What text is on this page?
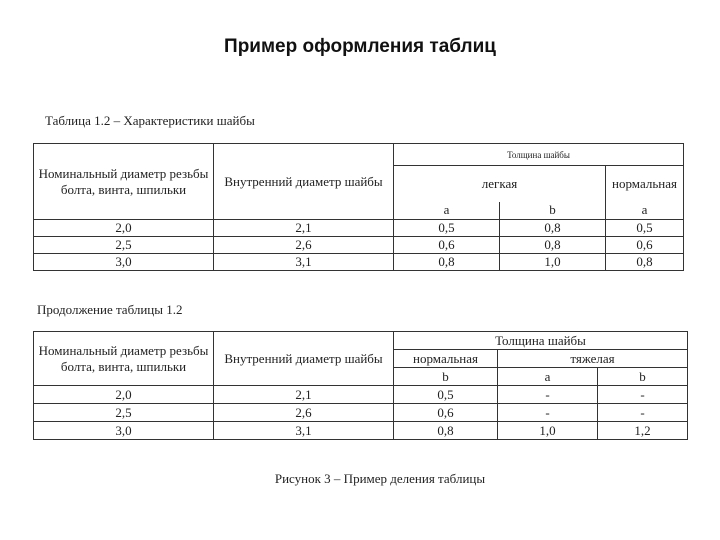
Пример оформления таблиц
Таблица 1.2 – Характеристики шайбы
Номинальный диаметр резьбы болта, винта, шпильки	Внутренний диаметр шайбы	Толщина шайбы		
		легкая		нормальная
		a	b	a
2,0	2,1	0,5	0,8	0,5
2,5	2,6	0,6	0,8	0,6
3,0	3,1	0,8	1,0	0,8
Продолжение таблицы 1.2
Номинальный диаметр резьбы болта, винта, шпильки	Внутренний диаметр шайбы	Толщина шайбы		
		нормальная	тяжелая	
		b	a	b
2,0	2,1	0,5	-	-
2,5	2,6	0,6	-	-
3,0	3,1	0,8	1,0	1,2
Рисунок 3 – Пример деления таблицы
